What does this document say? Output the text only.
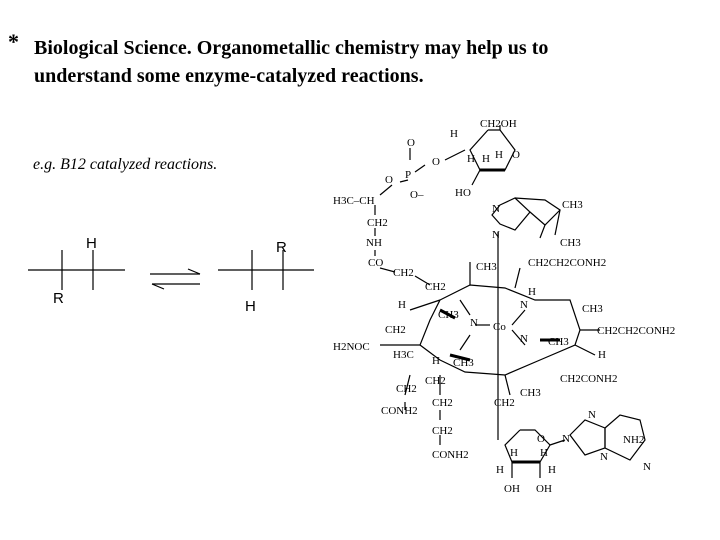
* Biological Science. Organometallic chemistry may help us to
understand some enzyme-catalyzed reactions.
e.g. B12 catalyzed reactions.
H
R
R
H
CH2OH
H
H H H O
O
P
O
O
O–	HO
H3C–CH
CH2
NH
CO
CH2
N
N
CH3
CH3
CH3	CH2CH2CONH2
CH2
H
CH3
N Co
N
H
CH3
CH2CH2CONH2
H2NOC
CH2
N CH3
H
H3C H CH3
CH2CONH2
CH2
CONH2
CH2
CH2
CH3
CH2
CONH2
CH2
N
N
N
N
NH2
O
H H
H	H
OH OH
